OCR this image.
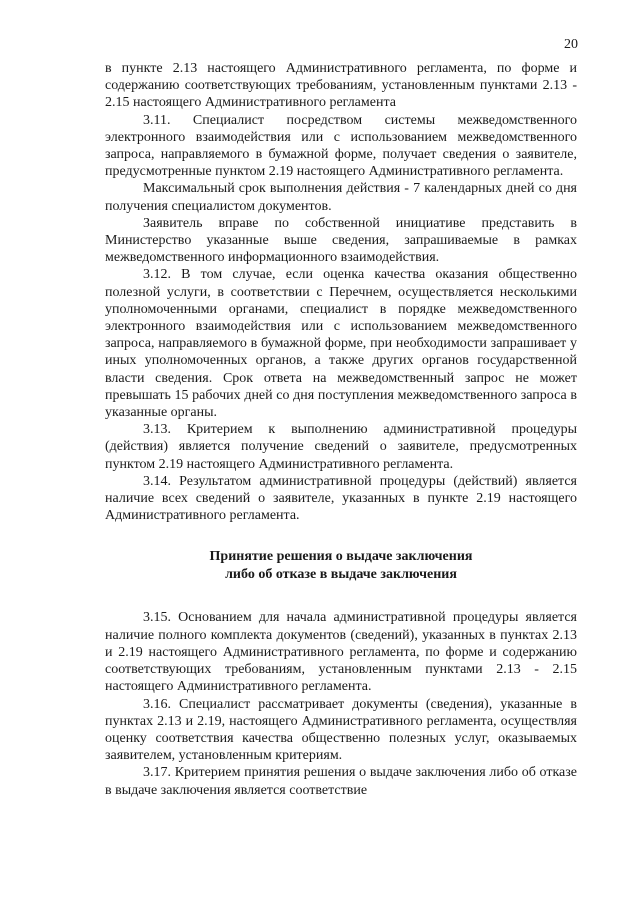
20

в пункте 2.13 настоящего Административного регламента, по форме и содержанию соответствующих требованиям, установленным пунктами 2.13 - 2.15 настоящего Административного регламента

3.11. Специалист посредством системы межведомственного электронного взаимодействия или с использованием межведомственного запроса, направляемого в бумажной форме, получает сведения о заявителе, предусмотренные пунктом 2.19 настоящего Административного регламента.

Максимальный срок выполнения действия - 7 календарных дней со дня получения специалистом документов.

Заявитель вправе по собственной инициативе представить в Министерство указанные выше сведения, запрашиваемые в рамках межведомственного информационного взаимодействия.

3.12. В том случае, если оценка качества оказания общественно полезной услуги, в соответствии с Перечнем, осуществляется несколькими уполномоченными органами, специалист в порядке межведомственного электронного взаимодействия или с использованием межведомственного запроса, направляемого в бумажной форме, при необходимости запрашивает у иных уполномоченных органов, а также других органов государственной власти сведения. Срок ответа на межведомственный запрос не может превышать 15 рабочих дней со дня поступления межведомственного запроса в указанные органы.

3.13. Критерием к выполнению административной процедуры (действия) является получение сведений о заявителе, предусмотренных пунктом 2.19 настоящего Административного регламента.

3.14. Результатом административной процедуры (действий) является наличие всех сведений о заявителе, указанных в пункте 2.19 настоящего Административного регламента.

Принятие решения о выдаче заключения

либо об отказе в выдаче заключения

3.15. Основанием для начала административной процедуры является наличие полного комплекта документов (сведений), указанных в пунктах 2.13 и 2.19 настоящего Административного регламента, по форме и содержанию соответствующих требованиям, установленным пунктами 2.13 - 2.15 настоящего Административного регламента.

3.16. Специалист рассматривает документы (сведения), указанные в пунктах 2.13 и 2.19, настоящего Административного регламента, осуществляя оценку соответствия качества общественно полезных услуг, оказываемых заявителем, установленным критериям.

3.17. Критерием принятия решения о выдаче заключения либо об отказе в выдаче заключения является соответствие
